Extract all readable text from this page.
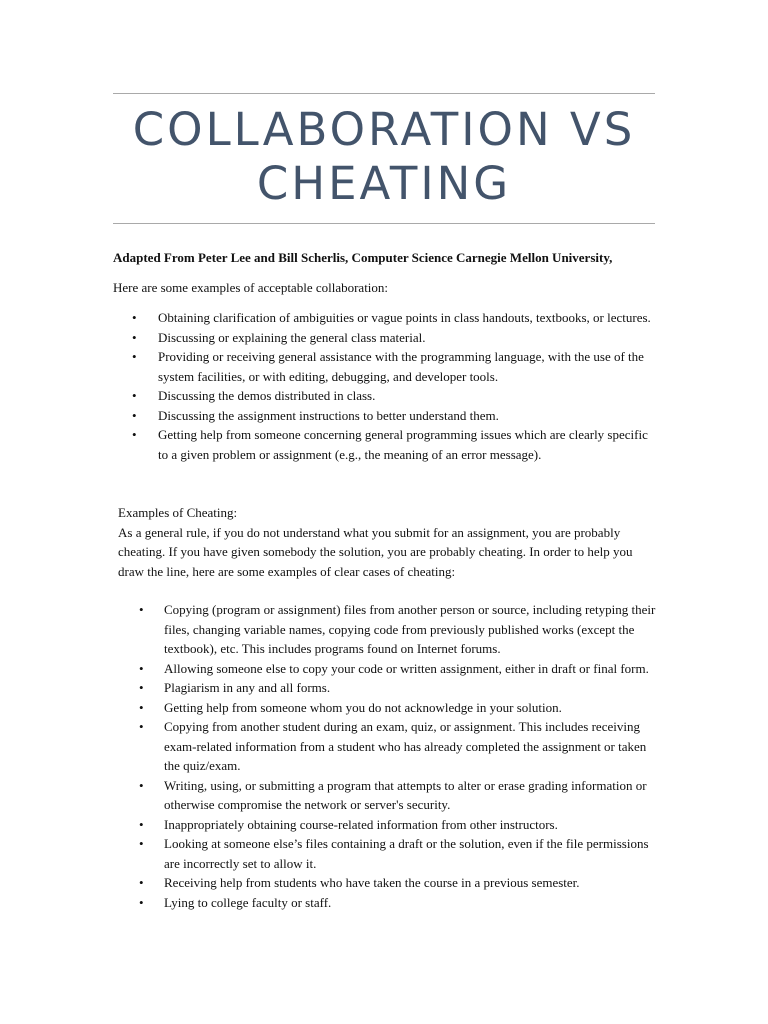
COLLABORATION VS
CHEATING

Adapted From Peter Lee and Bill Scherlis, Computer Science Carnegie Mellon University,

Here are some examples of acceptable collaboration:

• Obtaining clarification of ambiguities or vague points in class handouts, textbooks, or lectures.
• Discussing or explaining the general class material.
• Providing or receiving general assistance with the programming language, with the use of the system facilities, or with editing, debugging, and developer tools.
• Discussing the demos distributed in class.
• Discussing the assignment instructions to better understand them.
• Getting help from someone concerning general programming issues which are clearly specific to a given problem or assignment (e.g., the meaning of an error message).
Examples of Cheating:
As a general rule, if you do not understand what you submit for an assignment, you are probably cheating. If you have given somebody the solution, you are probably cheating. In order to help you draw the line, here are some examples of clear cases of cheating:
• Copying (program or assignment) files from another person or source, including retyping their files, changing variable names, copying code from previously published works (except the textbook), etc. This includes programs found on Internet forums.
• Allowing someone else to copy your code or written assignment, either in draft or final form.
• Plagiarism in any and all forms.
• Getting help from someone whom you do not acknowledge in your solution.
• Copying from another student during an exam, quiz, or assignment. This includes receiving exam-related information from a student who has already completed the assignment or taken the quiz/exam.
• Writing, using, or submitting a program that attempts to alter or erase grading information or otherwise compromise the network or server's security.
• Inappropriately obtaining course-related information from other instructors.
• Looking at someone else’s files containing a draft or the solution, even if the file permissions are incorrectly set to allow it.
• Receiving help from students who have taken the course in a previous semester.
• Lying to college faculty or staff.
